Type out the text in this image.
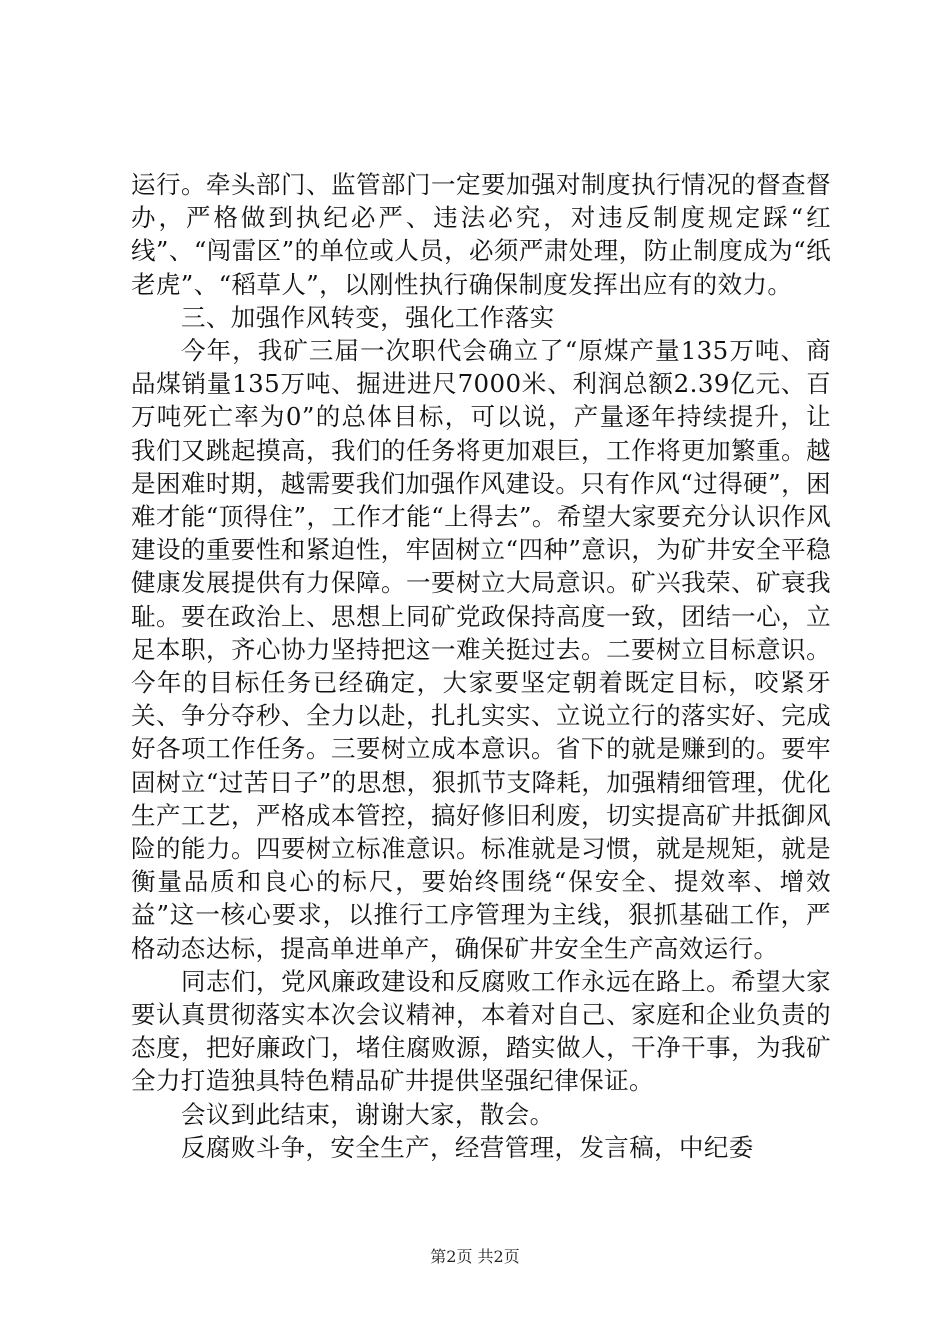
运行。牵头部门、监管部门一定要加强对制度执行情况的督查督办，严格做到执纪必严、违法必究，对违反制度规定踩“红线”、“闯雷区”的单位或人员，必须严肃处理，防止制度成为“纸老虎”、“稻草人”，以刚性执行确保制度发挥出应有的效力。

三、加强作风转变，强化工作落实

今年，我矿三届一次职代会确立了“原煤产量135万吨、商品煤销量135万吨、掘进进尺7000米、利润总额2.39亿元、百万吨死亡率为0”的总体目标，可以说，产量逐年持续提升，让我们又跳起摸高，我们的任务将更加艰巨，工作将更加繁重。越是困难时期，越需要我们加强作风建设。只有作风“过得硬”，困难才能“顶得住”，工作才能“上得去”。希望大家要充分认识作风建设的重要性和紧迫性，牢固树立“四种”意识，为矿井安全平稳健康发展提供有力保障。一要树立大局意识。矿兴我荣、矿衰我耻。要在政治上、思想上同矿党政保持高度一致，团结一心，立足本职，齐心协力坚持把这一难关挺过去。二要树立目标意识。今年的目标任务已经确定，大家要坚定朝着既定目标，咬紧牙关、争分夺秒、全力以赴，扎扎实实、立说立行的落实好、完成好各项工作任务。三要树立成本意识。省下的就是赚到的。要牢固树立“过苦日子”的思想，狠抓节支降耗，加强精细管理，优化生产工艺，严格成本管控，搞好修旧利废，切实提高矿井抵御风险的能力。四要树立标准意识。标准就是习惯，就是规矩，就是衡量品质和良心的标尺，要始终围绕“保安全、提效率、增效益”这一核心要求，以推行工序管理为主线，狠抓基础工作，严格动态达标，提高单进单产，确保矿井安全生产高效运行。

同志们，党风廉政建设和反腐败工作永远在路上。希望大家要认真贯彻落实本次会议精神，本着对自己、家庭和企业负责的态度，把好廉政门，堵住腐败源，踏实做人，干净干事，为我矿全力打造独具特色精品矿井提供坚强纪律保证。

会议到此结束，谢谢大家，散会。

反腐败斗争，安全生产，经营管理，发言稿，中纪委

第2页 共2页
